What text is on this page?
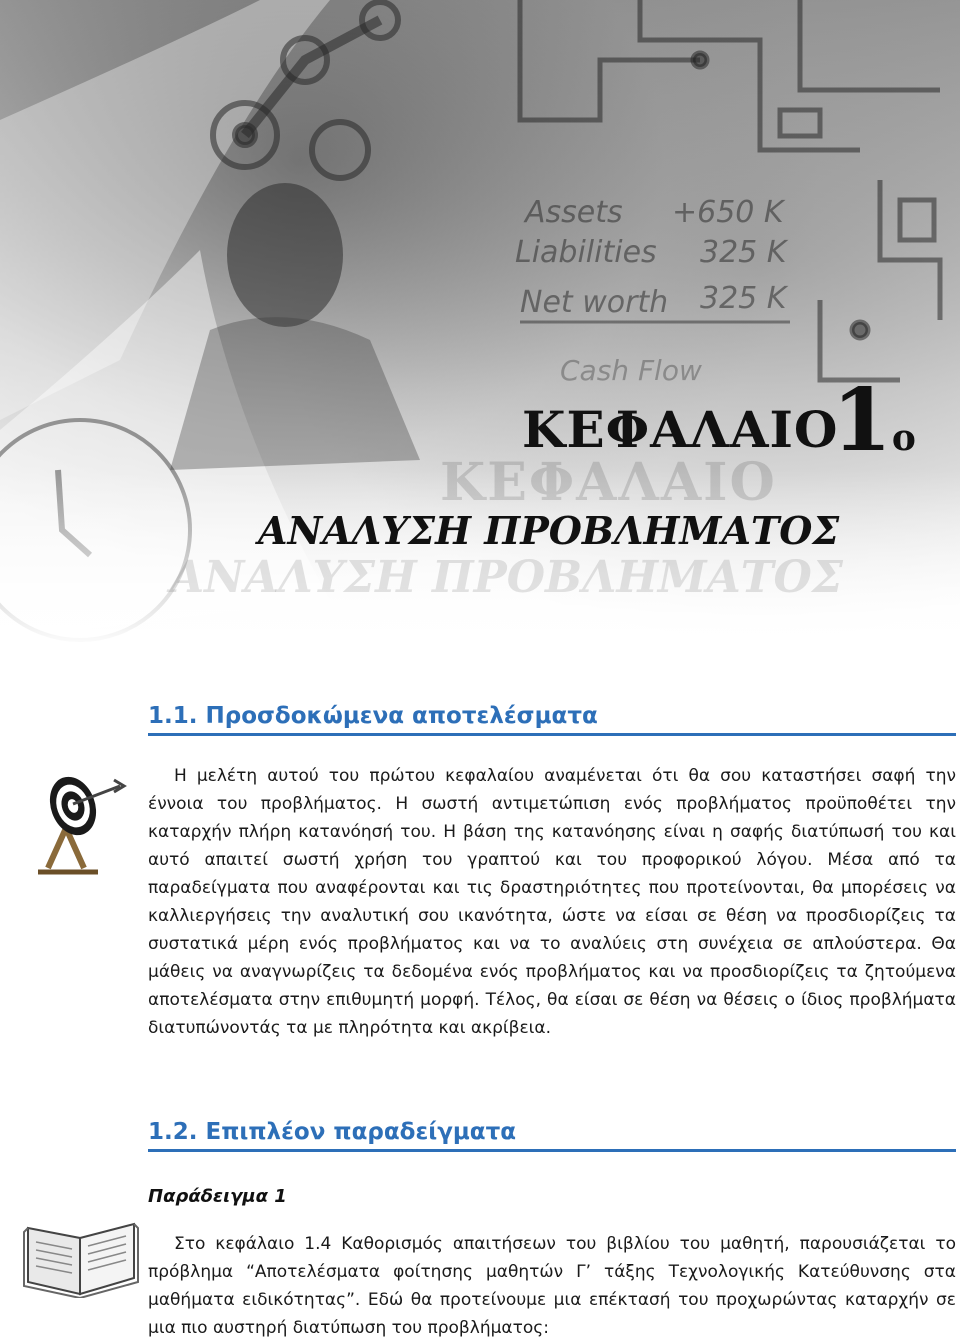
Assets +650 K
Liabilities 325 K
Net worth 325 K
Cash Flow
ΚΕΦΑΛΑΙΟ
ΚΕΦΑΛΑΙΟ
1ο
ΑΝΑΛΥΣΗ ΠΡΟΒΛΗΜΑΤΟΣ
ΑΝΑΛΥΣΗ ΠΡΟΒΛΗΜΑΤΟΣ
1.1. Προσδοκώμενα αποτελέσματα

Η μελέτη αυτού του πρώτου κεφαλαίου αναμένεται ότι θα σου καταστήσει σαφή την έννοια του προβλήματος. Η σωστή αντιμετώπιση ενός προβλήματος προϋποθέτει την καταρχήν πλήρη κατανόησή του. Η βάση της κατανόησης είναι η σαφής διατύπωσή του και αυτό απαιτεί σωστή χρήση του γραπτού και του προφορικού λόγου. Μέσα από τα παραδείγματα που αναφέρονται και τις δραστηριότητες που προτείνονται, θα μπορέσεις να καλλιεργήσεις την αναλυτική σου ικανότητα, ώστε να είσαι σε θέση να προσδιορίζεις τα συστατικά μέρη ενός προβλήματος και να το αναλύεις στη συνέχεια σε απλούστερα. Θα μάθεις να αναγνωρίζεις τα δεδομένα ενός προβλήματος και να προσδιορίζεις τα ζητούμενα αποτελέσματα στην επιθυμητή μορφή. Τέλος, θα είσαι σε θέση να θέσεις ο ίδιος προβλήματα διατυπώνοντάς τα με πληρότητα και ακρίβεια.

1.2. Επιπλέον παραδείγματα
Παράδειγμα 1

Στο κεφάλαιο 1.4 Καθορισμός απαιτήσεων του βιβλίου του μαθητή, παρουσιάζεται το πρόβλημα “Αποτελέσματα φοίτησης μαθητών Γ’ τάξης Τεχνολογικής Κατεύθυνσης στα μαθήματα ειδικότητας”. Εδώ θα προτείνουμε μια επέκτασή του προχωρώντας καταρχήν σε μια πιο αυστηρή διατύπωση του προβλήματος:
